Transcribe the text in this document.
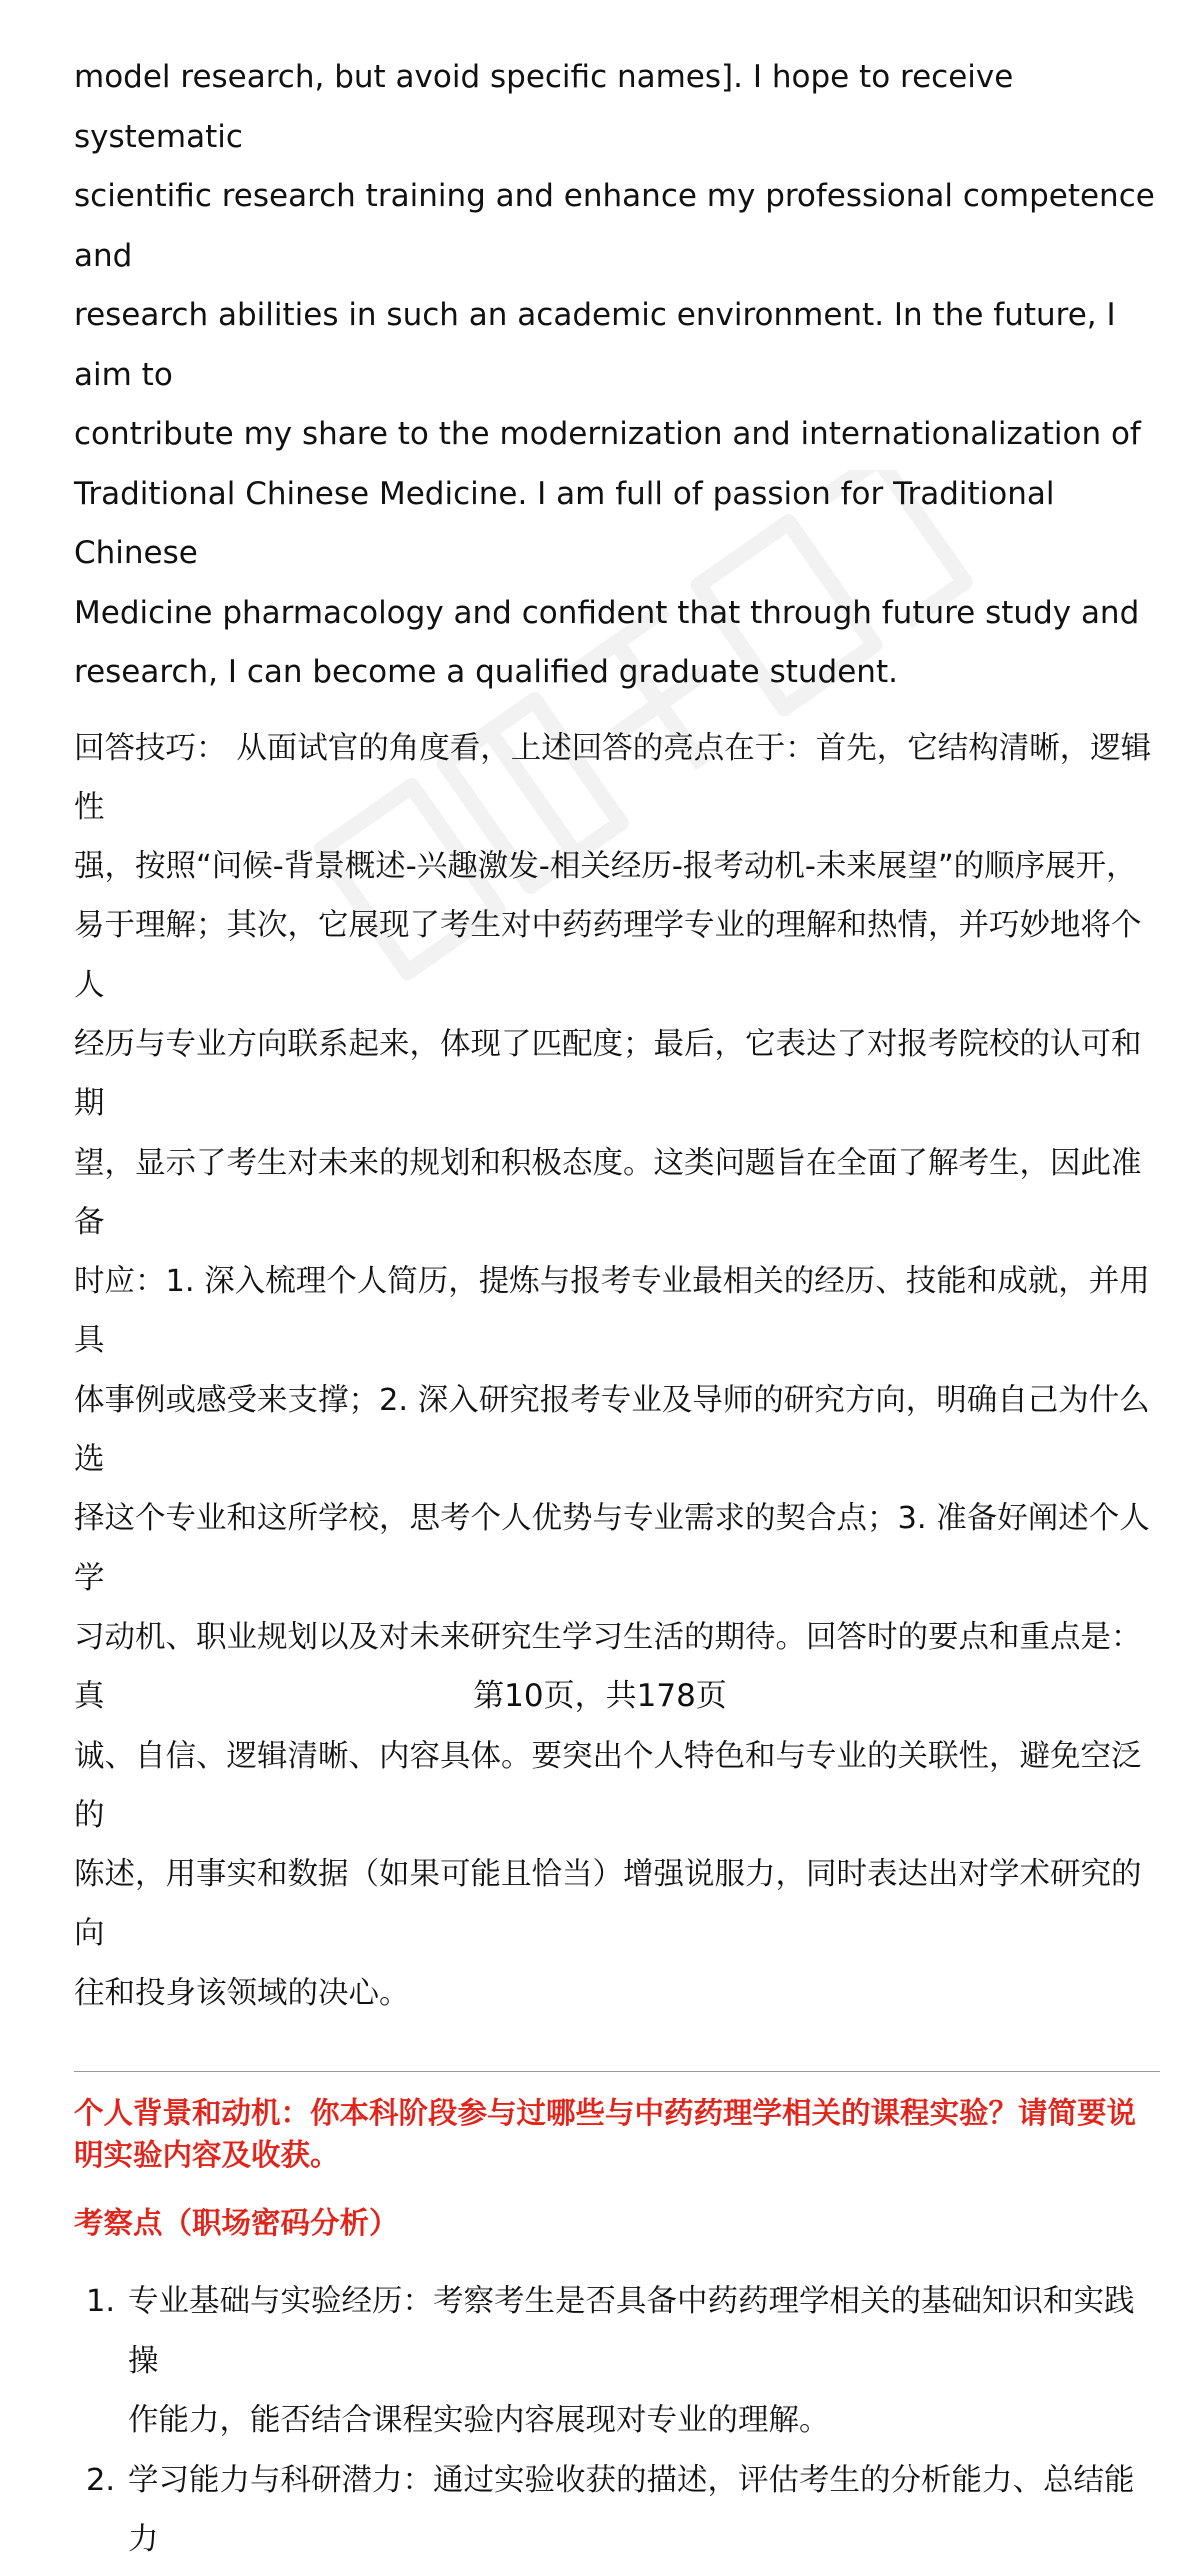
model research, but avoid specific names]. I hope to receive systematic
scientific research training and enhance my professional competence and
research abilities in such an academic environment. In the future, I aim to
contribute my share to the modernization and internationalization of
Traditional Chinese Medicine. I am full of passion for Traditional Chinese
Medicine pharmacology and confident that through future study and
research, I can become a qualified graduate student.

回答技巧： 从面试官的角度看，上述回答的亮点在于：首先，它结构清晰，逻辑性
强，按照“问候-背景概述-兴趣激发-相关经历-报考动机-未来展望”的顺序展开，
易于理解；其次，它展现了考生对中药药理学专业的理解和热情，并巧妙地将个人
经历与专业方向联系起来，体现了匹配度；最后，它表达了对报考院校的认可和期
望，显示了考生对未来的规划和积极态度。这类问题旨在全面了解考生，因此准备
时应：1. 深入梳理个人简历，提炼与报考专业最相关的经历、技能和成就，并用具
体事例或感受来支撑；2. 深入研究报考专业及导师的研究方向，明确自己为什么选
择这个专业和这所学校，思考个人优势与专业需求的契合点；3. 准备好阐述个人学
习动机、职业规划以及对未来研究生学习生活的期待。回答时的要点和重点是：真
诚、自信、逻辑清晰、内容具体。要突出个人特色和与专业的关联性，避免空泛的
陈述，用事实和数据（如果可能且恰当）增强说服力，同时表达出对学术研究的向
往和投身该领域的决心。

个人背景和动机：你本科阶段参与过哪些与中药药理学相关的课程实验？请简要说
明实验内容及收获。
考察点（职场密码分析）
1. 专业基础与实验经历：考察考生是否具备中药药理学相关的基础知识和实践操
作能力，能否结合课程实验内容展现对专业的理解。
2. 学习能力与科研潜力：通过实验收获的描述，评估考生的分析能力、总结能力
第10页，共178页
